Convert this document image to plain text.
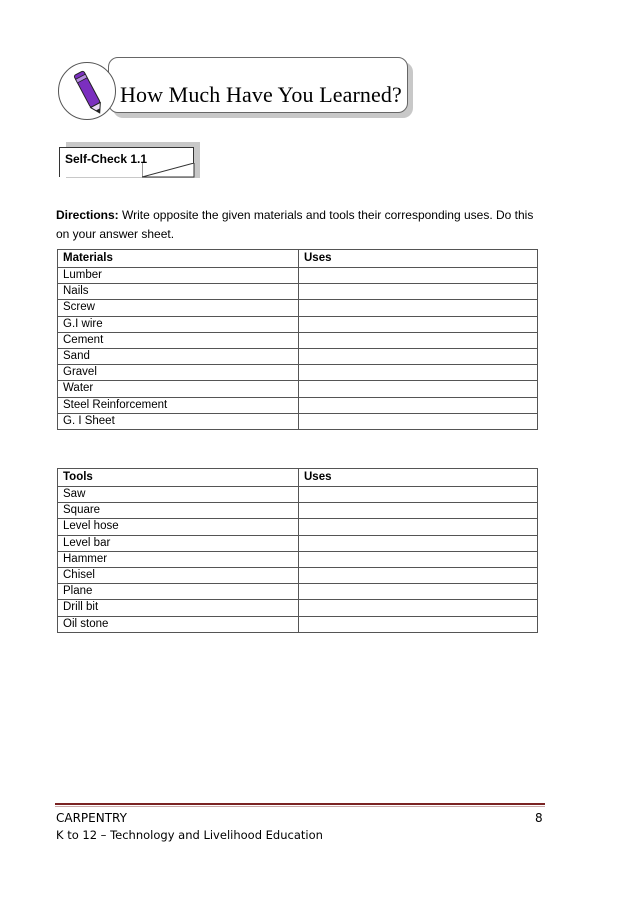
How Much Have You Learned?
Self-Check 1.1
Directions: Write opposite the given materials and tools their corresponding uses. Do this on your answer sheet.
Materials	Uses
Lumber	
Nails	
Screw	
G.I wire	
Cement	
Sand	
Gravel	
Water	
Steel Reinforcement	
G. I Sheet	
Tools	Uses
Saw	
Square	
Level hose	
Level bar	
Hammer	
Chisel	
Plane	
Drill bit	
Oil stone	
CARPENTRY	8
K to 12 – Technology and Livelihood Education
